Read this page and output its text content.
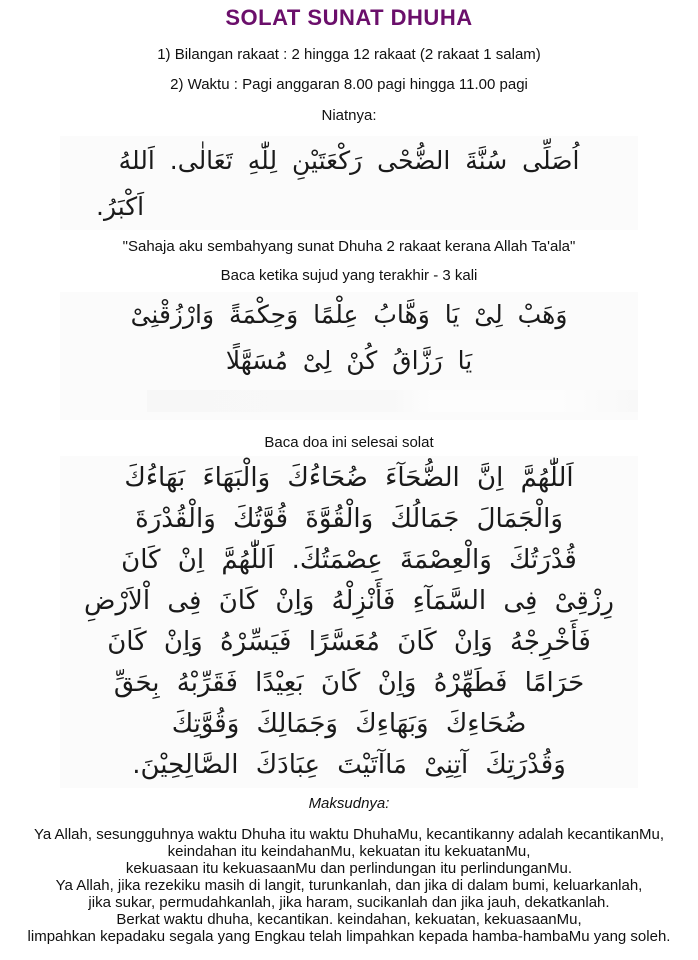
SOLAT SUNAT DHUHA
1) Bilangan rakaat : 2 hingga 12 rakaat (2 rakaat 1 salam)
2) Waktu : Pagi anggaran 8.00 pagi hingga 11.00 pagi
Niatnya:
اُصَلِّى سُنَّةَ الضُّحْى رَكْعَتَيْنِ لِلّٰهِ تَعَالٰى. اَللهُ
اَكْبَرُ.
"Sahaja aku sembahyang sunat Dhuha 2 rakaat kerana Allah Ta'ala"
Baca ketika sujud yang terakhir - 3 kali
وَهَبْ لِىْ يَا وَهَّابُ عِلْمًا وَحِكْمَةً وَارْزُقْنِىْ
يَا رَزَّاقُ كُنْ لِىْ مُسَهَّلًا
Baca doa ini selesai solat
اَللّٰهُمَّ اِنَّ الضُّحَآءَ ضُحَاءُكَ وَالْبَهَاءَ بَهَاءُكَ
وَالْجَمَالَ جَمَالُكَ وَالْقُوَّةَ قُوَّتُكَ وَالْقُدْرَةَ
قُدْرَتُكَ وَالْعِصْمَةَ عِصْمَتُكَ. اَللّٰهُمَّ اِنْ كَانَ
رِزْقِىْ فِى السَّمَآءِ فَأَنْزِلْهُ وَاِنْ كَانَ فِى اْلاَرْضِ
فَأَخْرِجْهُ وَاِنْ كَانَ مُعَسَّرًا فَيَسِّرْهُ وَاِنْ كَانَ
حَرَامًا فَطَهِّرْهُ وَاِنْ كَانَ بَعِيْدًا فَقَرِّبْهُ بِحَقِّ
ضُحَاءِكَ وَبَهَاءِكَ وَجَمَالِكَ وَقُوَّتِكَ
وَقُدْرَتِكَ آتِنِىْ مَاآتَيْتَ عِبَادَكَ الصَّالِحِيْنَ.
Maksudnya:
Ya Allah, sesungguhnya waktu Dhuha itu waktu DhuhaMu, kecantikanny adalah kecantikanMu,
keindahan itu keindahanMu, kekuatan itu kekuatanMu,
kekuasaan itu kekuasaanMu dan perlindungan itu perlindunganMu.
Ya Allah, jika rezekiku masih di langit, turunkanlah, dan jika di dalam bumi, keluarkanlah,
jika sukar, permudahkanlah, jika haram, sucikanlah dan jika jauh, dekatkanlah.
Berkat waktu dhuha, kecantikan. keindahan, kekuatan, kekuasaanMu,
limpahkan kepadaku segala yang Engkau telah limpahkan kepada hamba-hambaMu yang soleh.
